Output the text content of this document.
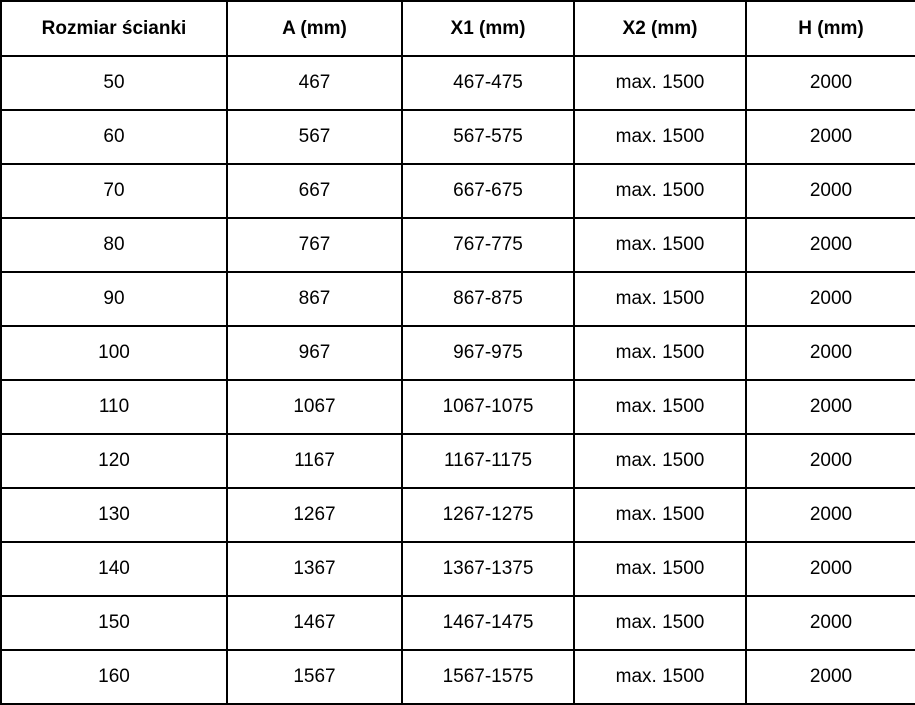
Rozmiar ścianki	A (mm)	X1 (mm)	X2 (mm)	H (mm)
50	467	467-475	max. 1500	2000
60	567	567-575	max. 1500	2000
70	667	667-675	max. 1500	2000
80	767	767-775	max. 1500	2000
90	867	867-875	max. 1500	2000
100	967	967-975	max. 1500	2000
110	1067	1067-1075	max. 1500	2000
120	1167	1167-1175	max. 1500	2000
130	1267	1267-1275	max. 1500	2000
140	1367	1367-1375	max. 1500	2000
150	1467	1467-1475	max. 1500	2000
160	1567	1567-1575	max. 1500	2000
